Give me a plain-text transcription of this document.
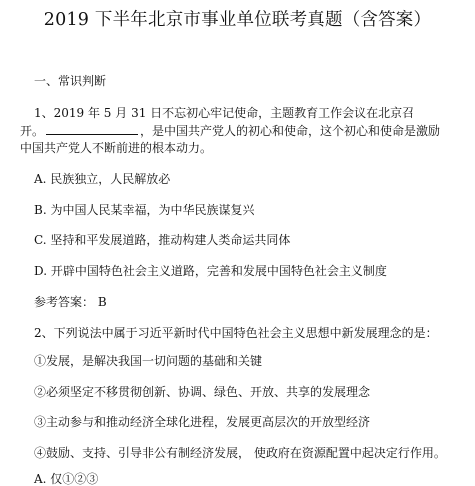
2019 下半年北京市事业单位联考真题（含答案）
一、常识判断
1、2019 年 5 月 31 日不忘初心牢记使命，主题教育工作会议在北京召
开。	，是中国共产党人的初心和使命，这个初心和使命是激励
中国共产党人不断前进的根本动力。
A. 民族独立，人民解放必
B. 为中国人民某幸福，为中华民族谋复兴
C. 坚持和平发展道路，推动构建人类命运共同体
D. 开辟中国特色社会主义道路，完善和发展中国特色社会主义制度
参考答案： B
2、下列说法中属于习近平新时代中国特色社会主义思想中新发展理念的是：
①发展，是解决我国一切问题的基础和关键
②必须坚定不移贯彻创新、协调、绿色、开放、共享的发展理念
③主动参与和推动经济全球化进程，发展更高层次的开放型经济
④鼓励、支持、引导非公有制经济发展， 使政府在资源配置中起决定行作用。
A. 仅①②③
